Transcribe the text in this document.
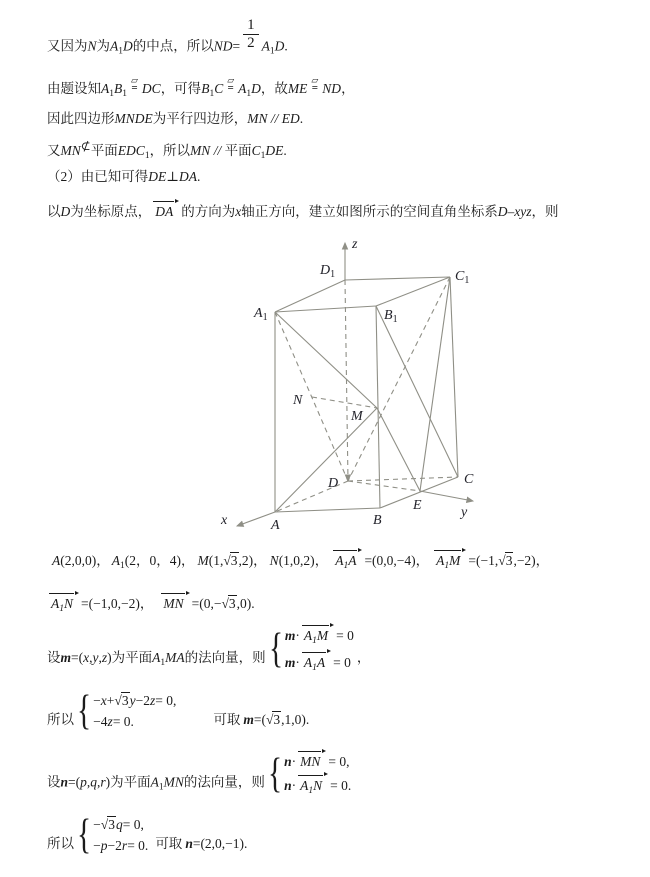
z
$D_1$	$C_1$
$A_1$	$B_1$
N
M
D	C
E
A	B
x
y
又因为N为$A_1D$的中点，所以$ND= \frac{1}{2} A_1D$.
由题设知$A_1B_1$
▱
= DC，可得$B_1C$
▱
= $A_1D$，故ME
▱
= ND，
因此四边形MNDE为平行四边形，MN // ED.
又MN⊄平面$EDC_1$，所以MN // 平面$C_1DE$.
（2）由已知可得DE⊥DA.
以D为坐标原点， DA 的方向为x轴正方向，建立如图所示的空间直角坐标系D–xyz，则
A(2,0,0)， $A_1(2$，0，4)， M(1,√3,2)， N(1,0,2)， $A_1A =(0,0,-4)$， $A_1M =(-1,√3,-2)$，
$A_1N =(-1,0,-2)$， MN =(0,−√3,0).
设m=(x,y,z)为平面$A_1MA$的法向量，则 { $m\cdot A_1M = 0$
$m\cdot A_1A = 0$ ，
所以 { −x+√3y−2z= 0,
−4z= 0.	可取 m=(√3,1,0).
设n=(p,q,r)为平面$A_1MN$的法向量，则 { n· MN = 0,
$n\cdot A_1N = 0$.
所以 { −√3q= 0,
−p−2r= 0. 可取 n=(2,0,−1).
